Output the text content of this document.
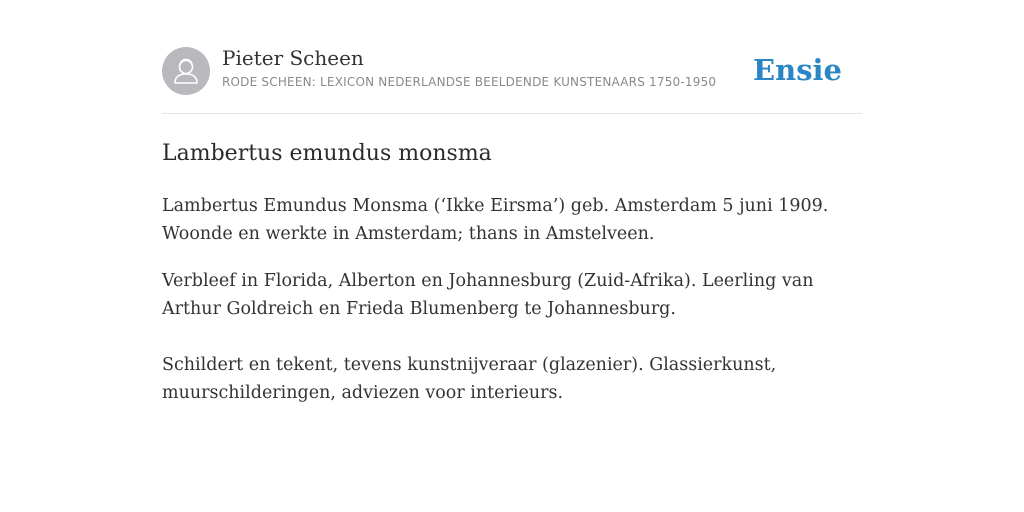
Pieter Scheen
RODE SCHEEN: LEXICON NEDERLANDSE BEELDENDE KUNSTENAARS 1750-1950 Ensie
Lambertus emundus monsma

Lambertus Emundus Monsma (‘Ikke Eirsma’) geb. Amsterdam 5 juni 1909. Woonde en werkte in Amsterdam; thans in Amstelveen.

Verbleef in Florida, Alberton en Johannesburg (Zuid-Afrika). Leerling van Arthur Goldreich en Frieda Blumenberg te Johannesburg.

Schildert en tekent, tevens kunstnijveraar (glazenier). Glassierkunst, muurschilderingen, adviezen voor interieurs.
